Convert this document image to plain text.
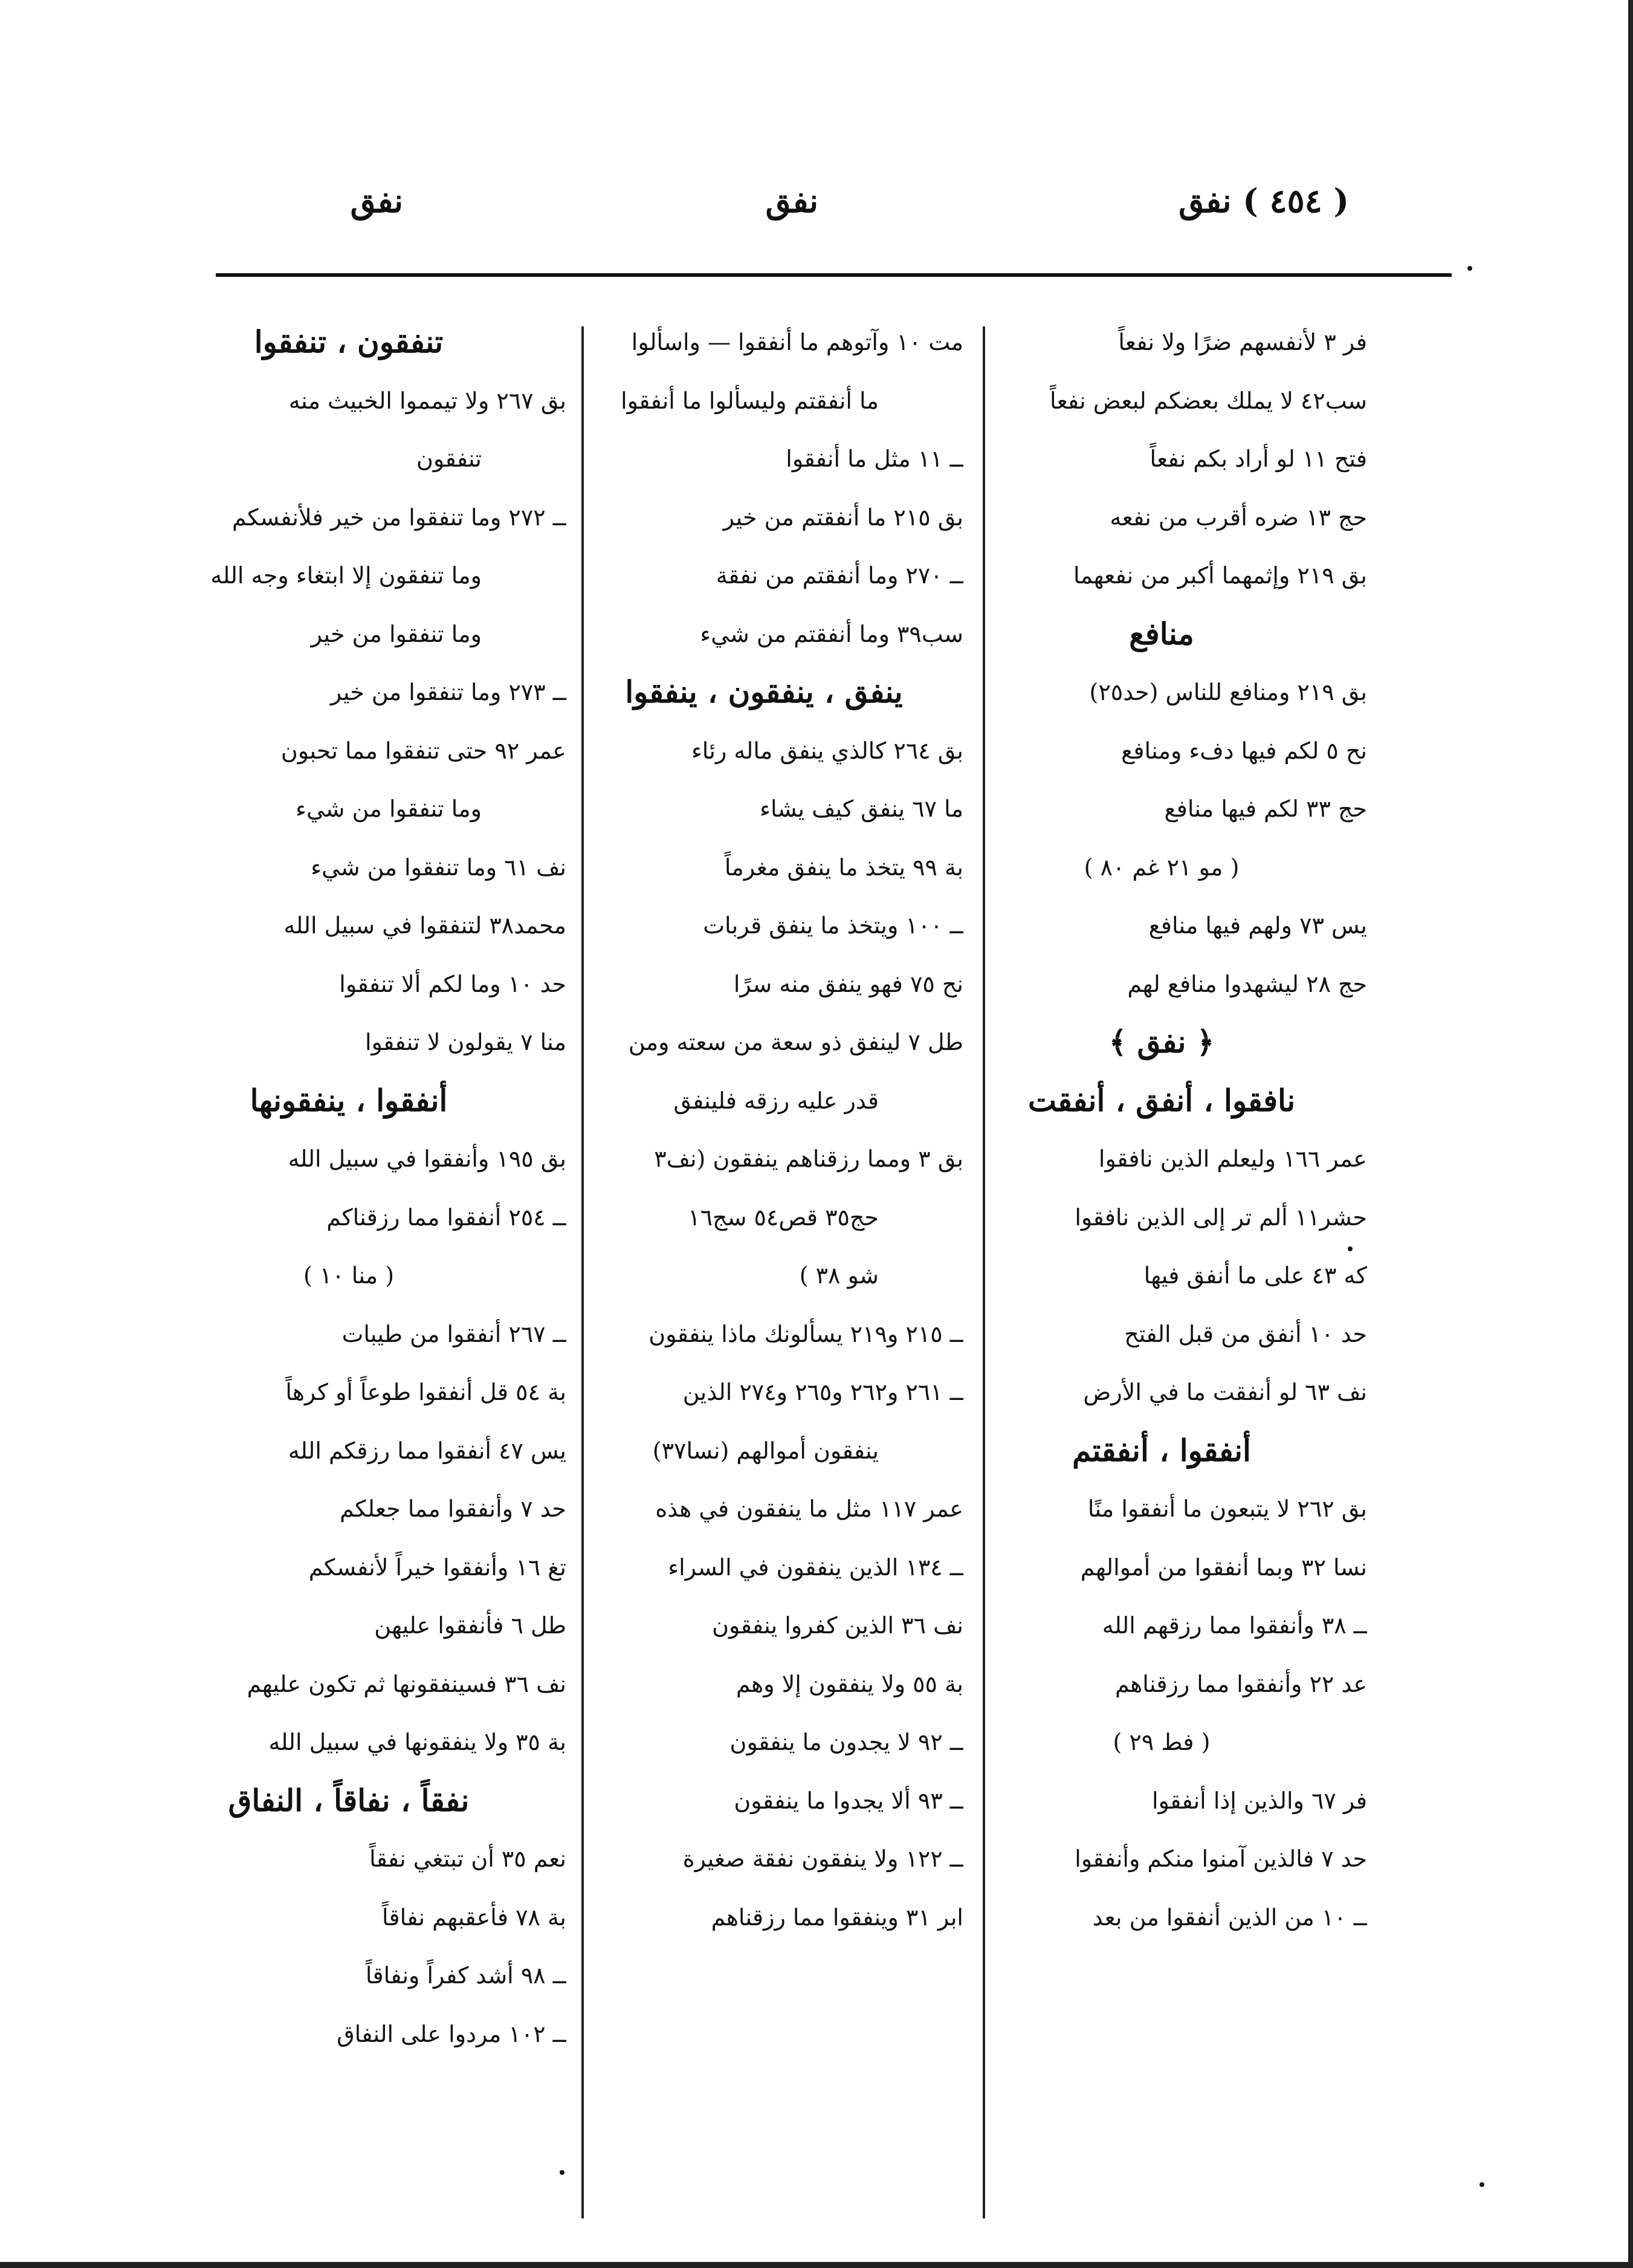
( ٤٥٤ ) نفق
نفق
نفق
فر ٣ لأنفسهم ضرًا ولا نفعاً
سب٤٢ لا يملك بعضكم لبعض نفعاً
فتح ١١ لو أراد بكم نفعاً
حج ١٣ ضره أقرب من نفعه
بق ٢١٩ وإثمهما أكبر من نفعهما
منافع
بق ٢١٩ ومنافع للناس (حد٢٥)
نح ٥ لكم فيها دفء ومنافع
حج ٣٣ لكم فيها منافع
( مو ٢١ غم ٨٠ )
يس ٧٣ ولهم فيها منافع
حج ٢٨ ليشهدوا منافع لهم
﴿ نفق ﴾
نافقوا ، أنفق ، أنفقت
عمر ١٦٦ وليعلم الذين نافقوا
حشر١١ ألم تر إلى الذين نافقوا
كه ٤٣ على ما أنفق فيها
حد ١٠ أنفق من قبل الفتح
نف ٦٣ لو أنفقت ما في الأرض
أنفقوا ، أنفقتم
بق ٢٦٢ لا يتبعون ما أنفقوا منًا
نسا ٣٢ وبما أنفقوا من أموالهم
ــ ٣٨ وأنفقوا مما رزقهم الله
عد ٢٢ وأنفقوا مما رزقناهم
( فط ٢٩ )
فر ٦٧ والذين إذا أنفقوا
حد ٧ فالذين آمنوا منكم وأنفقوا
ــ ١٠ من الذين أنفقوا من بعد
مت ١٠ وآتوهم ما أنفقوا — واسألوا
ما أنفقتم وليسألوا ما أنفقوا
ــ ١١ مثل ما أنفقوا
بق ٢١٥ ما أنفقتم من خير
ــ ٢٧٠ وما أنفقتم من نفقة
سب٣٩ وما أنفقتم من شيء
ينفق ، ينفقون ، ينفقوا
بق ٢٦٤ كالذي ينفق ماله رئاء
ما ٦٧ ينفق كيف يشاء
بة ٩٩ يتخذ ما ينفق مغرماً
ــ ١٠٠ ويتخذ ما ينفق قربات
نح ٧٥ فهو ينفق منه سرًا
طل ٧ لينفق ذو سعة من سعته ومن
قدر عليه رزقه فلينفق
بق ٣ ومما رزقناهم ينفقون (نف٣
حج٣٥ قص٥٤ سج١٦
شو ٣٨ )
ــ ٢١٥ و٢١٩ يسألونك ماذا ينفقون
ــ ٢٦١ و٢٦٢ و٢٦٥ و٢٧٤ الذين
ينفقون أموالهم (نسا٣٧)
عمر ١١٧ مثل ما ينفقون في هذه
ــ ١٣٤ الذين ينفقون في السراء
نف ٣٦ الذين كفروا ينفقون
بة ٥٥ ولا ينفقون إلا وهم
ــ ٩٢ لا يجدون ما ينفقون
ــ ٩٣ ألا يجدوا ما ينفقون
ــ ١٢٢ ولا ينفقون نفقة صغيرة
ابر ٣١ وينفقوا مما رزقناهم
تنفقون ، تنفقوا
بق ٢٦٧ ولا تيمموا الخبيث منه
تنفقون
ــ ٢٧٢ وما تنفقوا من خير فلأنفسكم
وما تنفقون إلا ابتغاء وجه الله
وما تنفقوا من خير
ــ ٢٧٣ وما تنفقوا من خير
عمر ٩٢ حتى تنفقوا مما تحبون
وما تنفقوا من شيء
نف ٦١ وما تنفقوا من شيء
محمد٣٨ لتنفقوا في سبيل الله
حد ١٠ وما لكم ألا تنفقوا
منا ٧ يقولون لا تنفقوا
أنفقوا ، ينفقونها
بق ١٩٥ وأنفقوا في سبيل الله
ــ ٢٥٤ أنفقوا مما رزقناكم
( منا ١٠ )
ــ ٢٦٧ أنفقوا من طيبات
بة ٥٤ قل أنفقوا طوعاً أو كرهاً
يس ٤٧ أنفقوا مما رزقكم الله
حد ٧ وأنفقوا مما جعلكم
تغ ١٦ وأنفقوا خيراً لأنفسكم
طل ٦ فأنفقوا عليهن
نف ٣٦ فسينفقونها ثم تكون عليهم
بة ٣٥ ولا ينفقونها في سبيل الله
نفقاً ، نفاقاً ، النفاق
نعم ٣٥ أن تبتغي نفقاً
بة ٧٨ فأعقبهم نفاقاً
ــ ٩٨ أشد كفراً ونفاقاً
ــ ١٠٢ مردوا على النفاق
